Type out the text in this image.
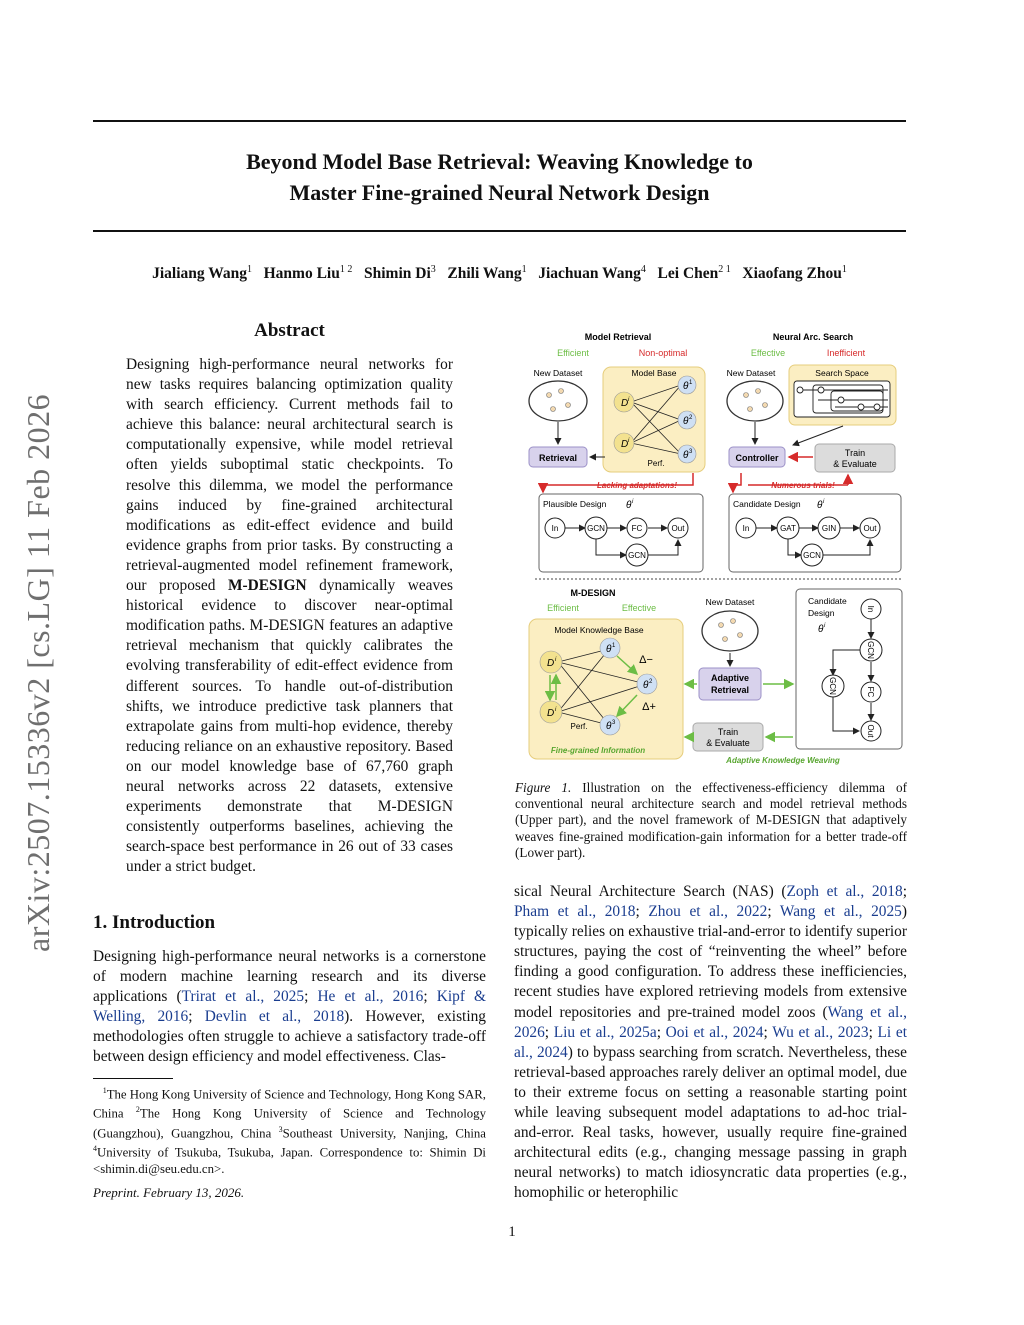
Beyond Model Base Retrieval: Weaving Knowledge to
Master Fine-grained Neural Network Design
Jialiang Wang$^1$ Hanmo Liu$^{1 2}$ Shimin Di$^3$ Zhili Wang$^1$ Jiachuan Wang$^4$ Lei Chen$^{2 1}$ Xiaofang Zhou$^1$
arXiv:2507.15336v2 [cs.LG] 11 Feb 2026
Abstract
Designing high-performance neural networks for new tasks requires balancing optimization quality with search efficiency. Current methods fail to achieve this balance: neural architectural search is computationally expensive, while model retrieval often yields suboptimal static checkpoints. To resolve this dilemma, we model the performance gains induced by fine-grained architectural modifications as edit-effect evidence and build evidence graphs from prior tasks. By constructing a retrieval-augmented model refinement framework, our proposed M-DESIGN dynamically weaves historical evidence to discover near-optimal modification paths. M-DESIGN features an adaptive retrieval mechanism that quickly calibrates the evolving transferability of edit-effect evidence from different sources. To handle out-of-distribution shifts, we introduce predictive task planners that extrapolate gains from multi-hop evidence, thereby reducing reliance on an exhaustive repository. Based on our model knowledge base of 67,760 graph neural networks across 22 datasets, extensive experiments demonstrate that M-DESIGN consistently outperforms baselines, achieving the search-space best performance in 26 out of 33 cases under a strict budget.
1. Introduction
Designing high-performance neural networks is a cornerstone of modern machine learning research and its diverse applications (Trirat et al., 2025; He et al., 2016; Kipf & Welling, 2016; Devlin et al., 2018). However, existing methodologies often struggle to achieve a satisfactory trade-off between design efficiency and model effectiveness. Clas-
$^1$The Hong Kong University of Science and Technology, Hong Kong SAR, China $^2$The Hong Kong University of Science and Technology (Guangzhou), Guangzhou, China $^3$Southeast University, Nanjing, China $^4$University of Tsukuba, Tsukuba, Japan. Correspondence to: Shimin Di <shimin.di@seu.edu.cn>.
Preprint. February 13, 2026.
1
Model Retrieval
Efficient	Non-optimal
New Dataset	Model Base
D i
D i
θ 1
θ 2
θ 3
Perf.
Retrieval
Lacking adaptations!
Plausible Design θ i
In	GCN	FC	Out
GCN
Neural Arc. Search
Effective	Inefficient
New Dataset	Search Space
Controller	Train
& Evaluate
Numerous trials!
Candidate Design θ i
In	GAT	GIN	Out
GCN
M-DESIGN
Efficient	Effective
Model Knowledge Base
D i
D i
θ 1
θ 2
θ 3
Δ−
Δ+
Perf.
Fine-grained Information
New Dataset
Adaptive
Retrieval
Train
& Evaluate
Adaptive Knowledge Weaving
Candidate
Design
θ i
In
GCN
FC
Out
GCN
Figure 1. Illustration on the effectiveness-efficiency dilemma of conventional neural architecture search and model retrieval methods (Upper part), and the novel framework of M-DESIGN that adaptively weaves fine-grained modification-gain information for a better trade-off (Lower part).
sical Neural Architecture Search (NAS) (Zoph et al., 2018; Pham et al., 2018; Zhou et al., 2022; Wang et al., 2025) typically relies on exhaustive trial-and-error to identify superior structures, paying the cost of “reinventing the wheel” before finding a good configuration. To address these inefficiencies, recent studies have explored retrieving models from extensive model repositories and pre-trained model zoos (Wang et al., 2026; Liu et al., 2025a; Ooi et al., 2024; Wu et al., 2023; Li et al., 2024) to bypass searching from scratch. Nevertheless, these retrieval-based approaches rarely deliver an optimal model, due to their extreme focus on setting a reasonable starting point while leaving subsequent model adaptations to ad-hoc trial-and-error. Real tasks, however, usually require fine-grained architectural edits (e.g., changing message passing in graph neural networks) to match idiosyncratic data properties (e.g., homophilic or heterophilic
